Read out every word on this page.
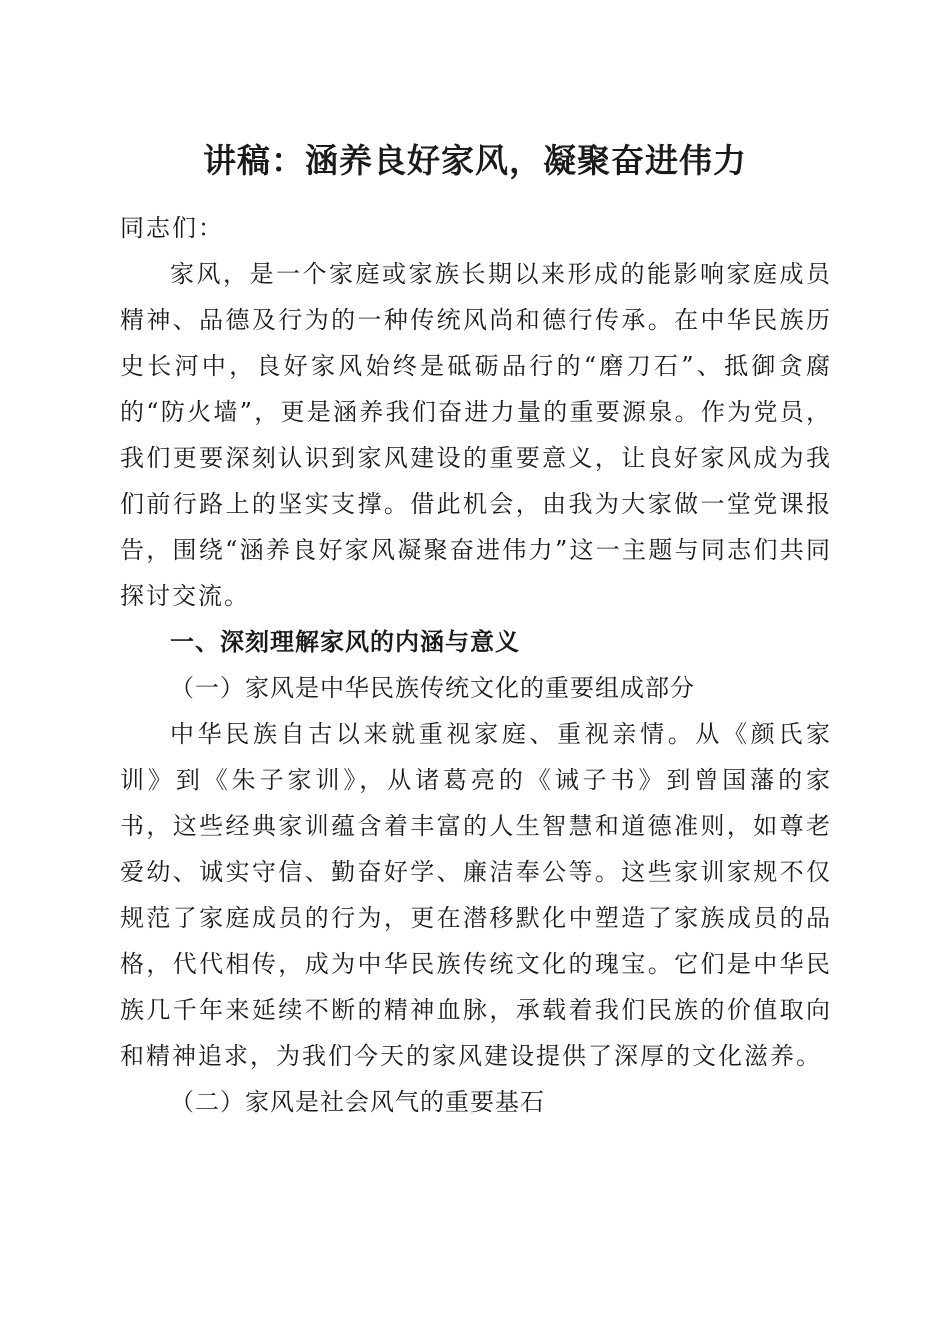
讲稿：涵养良好家风，凝聚奋进伟力

同志们：

家风，是一个家庭或家族长期以来形成的能影响家庭成员精神、品德及行为的一种传统风尚和德行传承。在中华民族历史长河中，良好家风始终是砥砺品行的“磨刀石”、抵御贪腐的“防火墙”，更是涵养我们奋进力量的重要源泉。作为党员，我们更要深刻认识到家风建设的重要意义，让良好家风成为我们前行路上的坚实支撑。借此机会，由我为大家做一堂党课报告，围绕“涵养良好家风凝聚奋进伟力”这一主题与同志们共同探讨交流。

一、深刻理解家风的内涵与意义

（一）家风是中华民族传统文化的重要组成部分

中华民族自古以来就重视家庭、重视亲情。从《颜氏家训》到《朱子家训》，从诸葛亮的《诫子书》到曾国藩的家书，这些经典家训蕴含着丰富的人生智慧和道德准则，如尊老爱幼、诚实守信、勤奋好学、廉洁奉公等。这些家训家规不仅规范了家庭成员的行为，更在潜移默化中塑造了家族成员的品格，代代相传，成为中华民族传统文化的瑰宝。它们是中华民族几千年来延续不断的精神血脉，承载着我们民族的价值取向和精神追求，为我们今天的家风建设提供了深厚的文化滋养。

（二）家风是社会风气的重要基石
